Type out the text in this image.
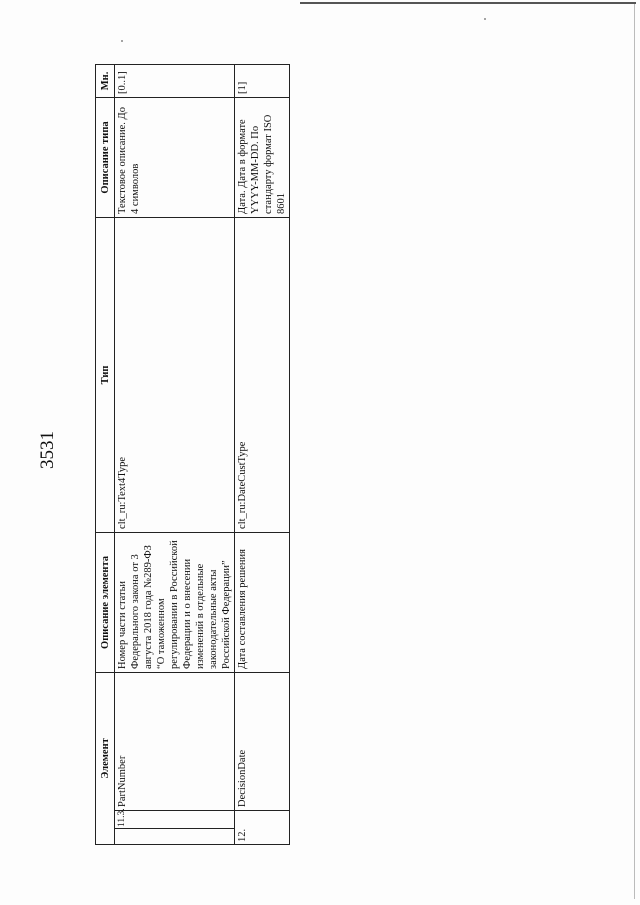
3531
Элемент			Описание элемента	Тип	Описание типа	Мн.
	11.3.	PartNumber	Номер части статьи Федерального закона от 3 августа 2018 года №289-ФЗ “О таможенном регулировании в Российской Федерации и о внесении изменений в отдельные законодательные акты Российской Федерации”	clt_ru:Text4Type	Текстовое описание. До 4 символов	[0..1]
12.		DecisionDate	Дата составления решения	clt_ru:DateCustType	Дата. Дата в формате YYYY-MM-DD. По стандарту формат ISO 8601	[1]
